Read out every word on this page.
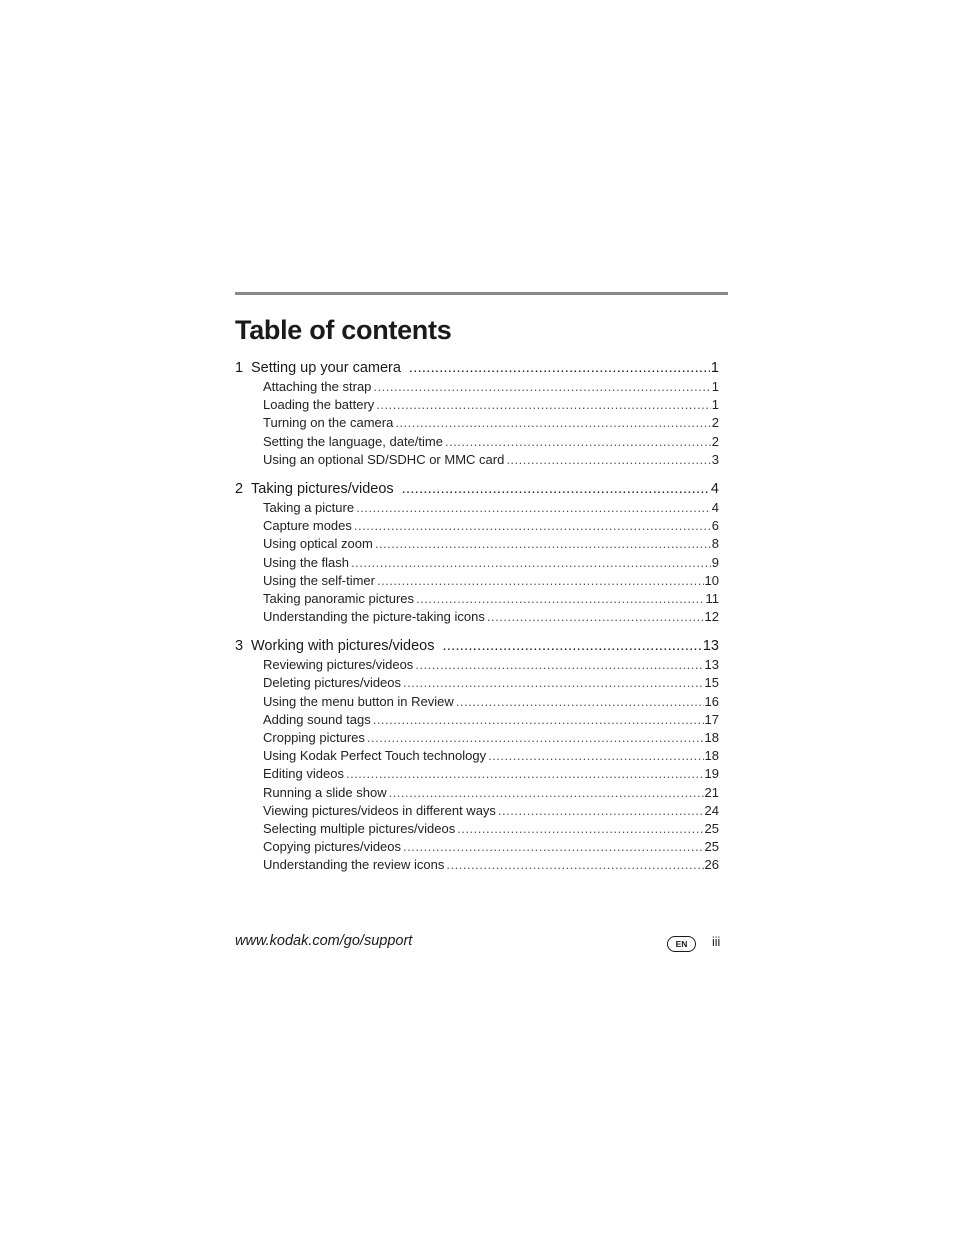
Table of contents
1 Setting up your camera .....	1
Attaching the strap .....	1
Loading the battery .....	1
Turning on the camera .....	2
Setting the language, date/time .....	2
Using an optional SD/SDHC or MMC card .....	3
2 Taking pictures/videos .....	4
Taking a picture .....	4
Capture modes .....	6
Using optical zoom .....	8
Using the flash .....	9
Using the self-timer .....	10
Taking panoramic pictures .....	11
Understanding the picture-taking icons .....	12
3 Working with pictures/videos .....	13
Reviewing pictures/videos .....	13
Deleting pictures/videos .....	15
Using the menu button in Review .....	16
Adding sound tags .....	17
Cropping pictures .....	18
Using Kodak Perfect Touch technology .....	18
Editing videos .....	19
Running a slide show .....	21
Viewing pictures/videos in different ways .....	24
Selecting multiple pictures/videos .....	25
Copying pictures/videos .....	25
Understanding the review icons .....	26
www.kodak.com/go/support	EN	iii
